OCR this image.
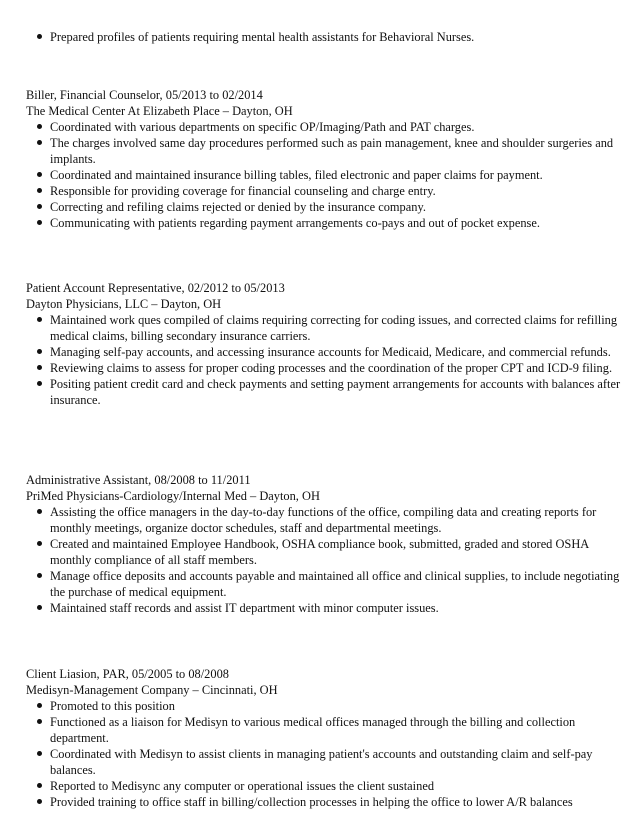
Prepared profiles of patients requiring mental health assistants for Behavioral Nurses.
Biller, Financial Counselor, 05/2013 to 02/2014
The Medical Center At Elizabeth Place – Dayton, OH
Coordinated with various departments on specific OP/Imaging/Path and PAT charges.
The charges involved same day procedures performed such as pain management, knee and shoulder surgeries and implants.
Coordinated and maintained insurance billing tables, filed electronic and paper claims for payment.
Responsible for providing coverage for financial counseling and charge entry.
Correcting and refiling claims rejected or denied by the insurance company.
Communicating with patients regarding payment arrangements co-pays and out of pocket expense.
Patient Account Representative, 02/2012 to 05/2013
Dayton Physicians, LLC – Dayton, OH
Maintained work ques compiled of claims requiring correcting for coding issues, and corrected claims for refilling medical claims, billing secondary insurance carriers.
Managing self-pay accounts, and accessing insurance accounts for Medicaid, Medicare, and commercial refunds.
Reviewing claims to assess for proper coding processes and the coordination of the proper CPT and ICD-9 filing.
Positing patient credit card and check payments and setting payment arrangements for accounts with balances after insurance.
Administrative Assistant, 08/2008 to 11/2011
PriMed Physicians-Cardiology/Internal Med – Dayton, OH
Assisting the office managers in the day-to-day functions of the office, compiling data and creating reports for monthly meetings, organize doctor schedules, staff and departmental meetings.
Created and maintained Employee Handbook, OSHA compliance book, submitted, graded and stored OSHA monthly compliance of all staff members.
Manage office deposits and accounts payable and maintained all office and clinical supplies, to include negotiating the purchase of medical equipment.
Maintained staff records and assist IT department with minor computer issues.
Client Liasion, PAR, 05/2005 to 08/2008
Medisyn-Management Company – Cincinnati, OH
Promoted to this position
Functioned as a liaison for Medisyn to various medical offices managed through the billing and collection department.
Coordinated with Medisyn to assist clients in managing patient's accounts and outstanding claim and self-pay balances.
Reported to Medisync any computer or operational issues the client sustained
Provided training to office staff in billing/collection processes in helping the office to lower A/R balances
